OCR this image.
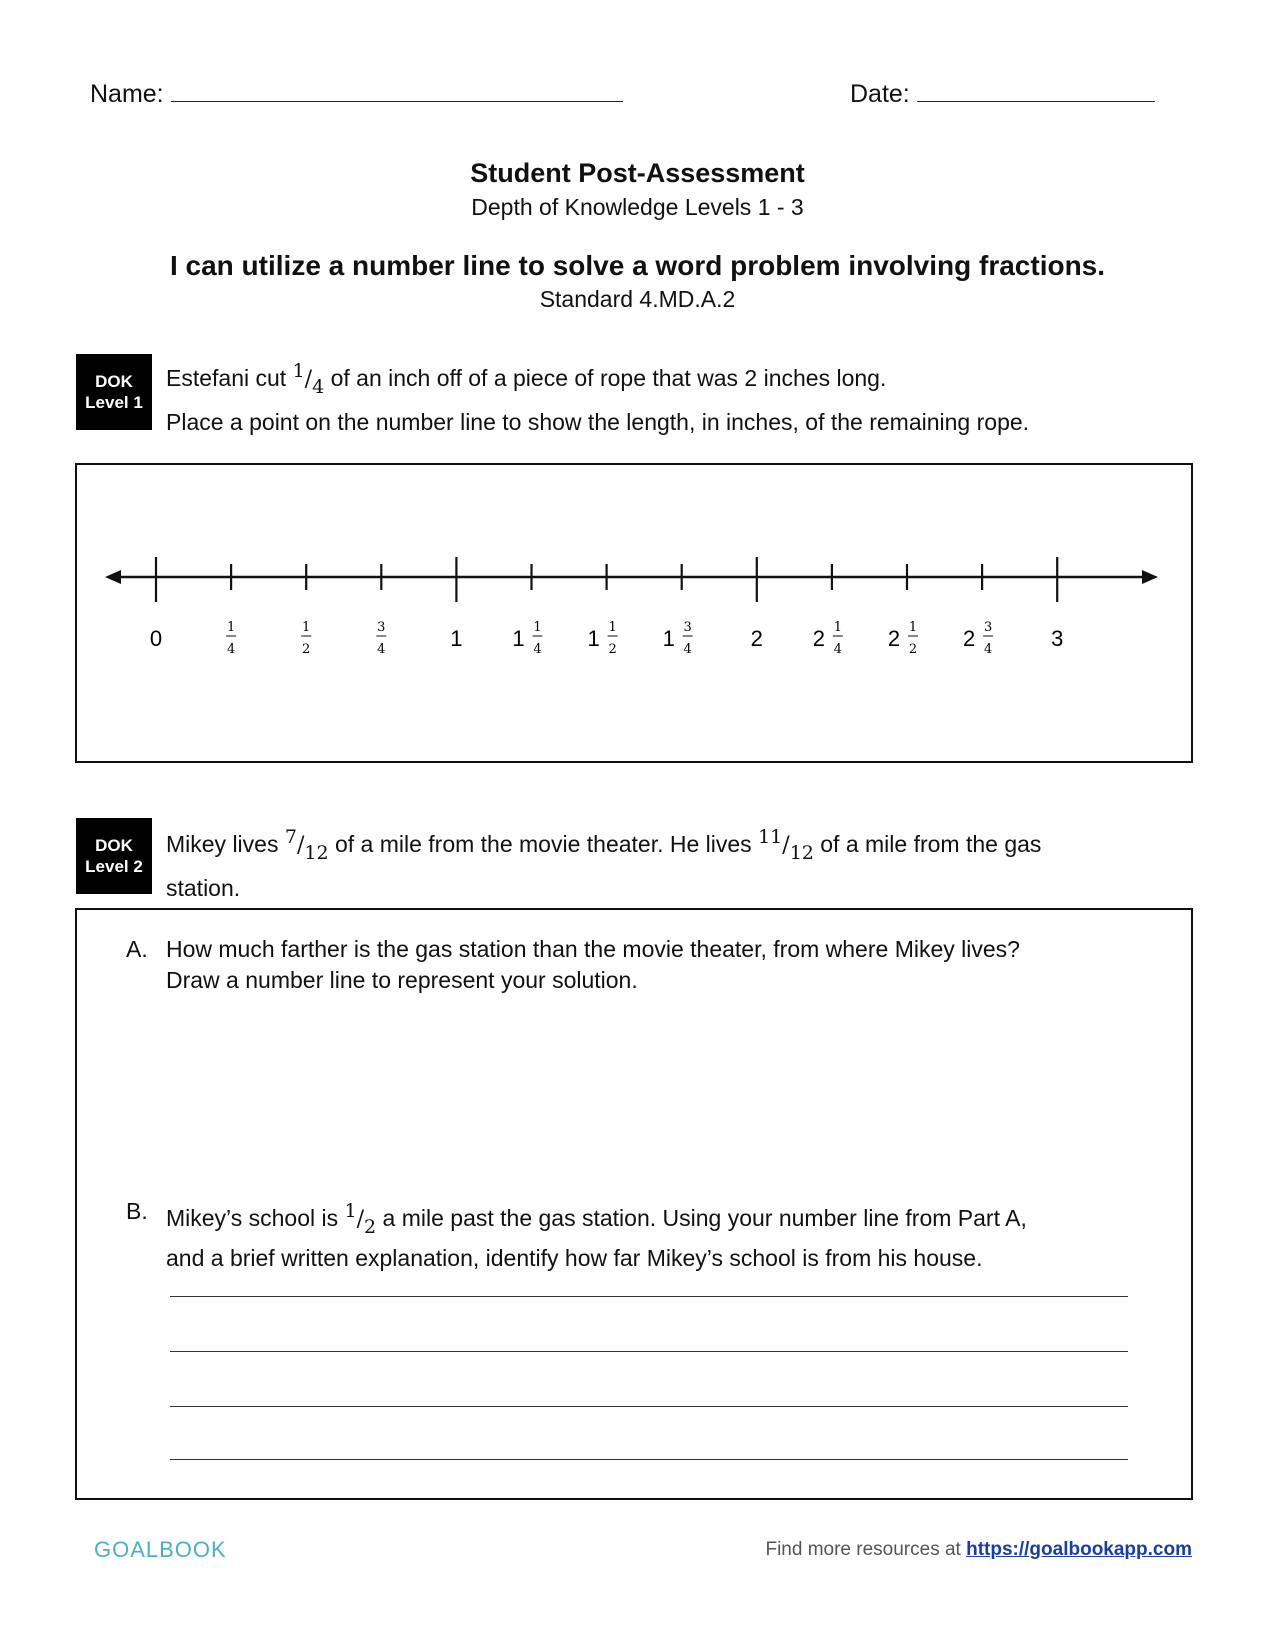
Name:	Date:
Student Post-Assessment
Depth of Knowledge Levels 1 - 3
I can utilize a number line to solve a word problem involving fractions.
Standard 4.MD.A.2
DOK
Level 1
Estefani cut $^1/_4$ of an inch off of a piece of rope that was 2 inches long.
Place a point on the number line to show the length, in inches, of the remaining rope.
0	1
4
1
2
3
4	1 1 1
4 1 1
2 1 3
4	2 2 1
4 2 1
2 2 3
4	3
DOK
Level 2
Mikey lives $^7/_{12}$ of a mile from the movie theater. He lives $^{11}/_{12}$ of a mile from the gas
station.
A. How much farther is the gas station than the movie theater, from where Mikey lives?
Draw a number line to represent your solution.
B. Mikey’s school is $^1/_2$ a mile past the gas station. Using your number line from Part A,
and a brief written explanation, identify how far Mikey’s school is from his house.
GOALBOOK	Find more resources at https://goalbookapp.com
